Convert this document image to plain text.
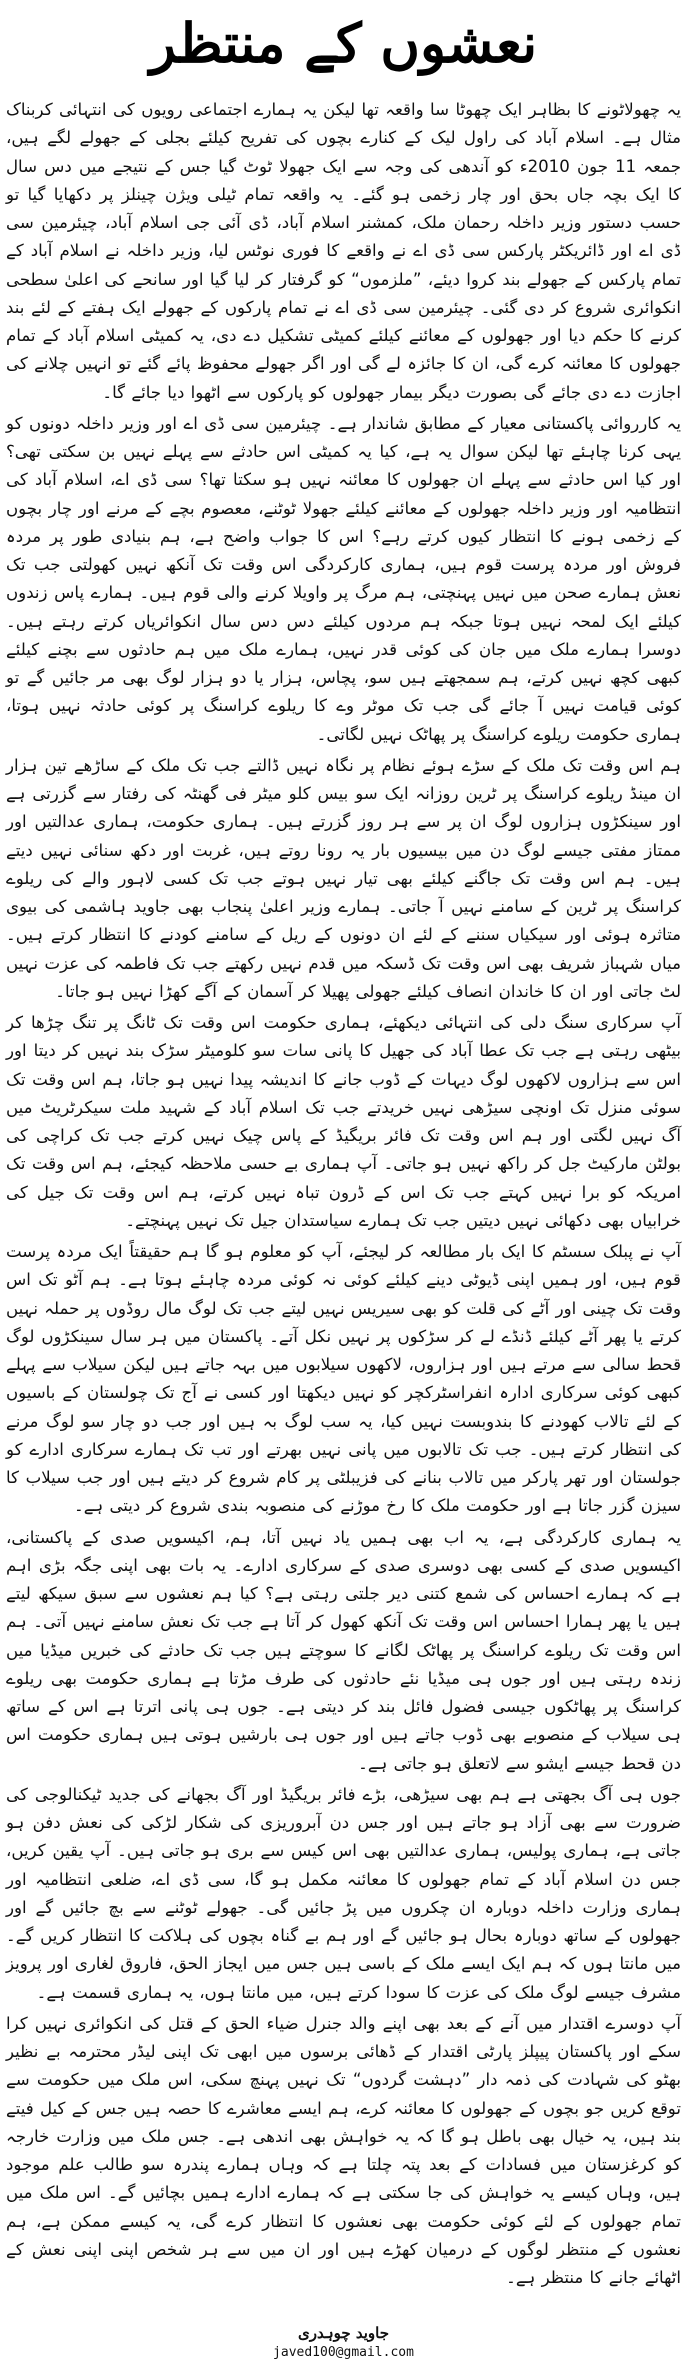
نعشوں کے منتظر

یہ چھولاٹونے کا بظاہر ایک چھوٹا سا واقعہ تھا لیکن یہ ہمارے اجتماعی رویوں کی انتہائی کربناک مثال ہے۔ اسلام آباد کی راول لیک کے کنارے بچوں کی تفریح کیلئے بجلی کے جھولے لگے ہیں، جمعہ 11 جون 2010ء کو آندھی کی وجہ سے ایک جھولا ٹوٹ گیا جس کے نتیجے میں دس سال کا ایک بچہ جاں بحق اور چار زخمی ہو گئے۔ یہ واقعہ تمام ٹیلی ویژن چینلز پر دکھایا گیا تو حسب دستور وزیر داخلہ رحمان ملک، کمشنر اسلام آباد، ڈی آئی جی اسلام آباد، چیئرمین سی ڈی اے اور ڈائریکٹر پارکس سی ڈی اے نے واقعے کا فوری نوٹس لیا، وزیر داخلہ نے اسلام آباد کے تمام پارکس کے جھولے بند کروا دیئے، ”ملزموں“ کو گرفتار کر لیا گیا اور سانحے کی اعلیٰ سطحی انکوائری شروع کر دی گئی۔ چیئرمین سی ڈی اے نے تمام پارکوں کے جھولے ایک ہفتے کے لئے بند کرنے کا حکم دیا اور جھولوں کے معائنے کیلئے کمیٹی تشکیل دے دی، یہ کمیٹی اسلام آباد کے تمام جھولوں کا معائنہ کرے گی، ان کا جائزہ لے گی اور اگر جھولے محفوظ پائے گئے تو انہیں چلانے کی اجازت دے دی جائے گی بصورت دیگر بیمار جھولوں کو پارکوں سے اٹھوا دیا جائے گا۔

یہ کارروائی پاکستانی معیار کے مطابق شاندار ہے۔ چیئرمین سی ڈی اے اور وزیر داخلہ دونوں کو یہی کرنا چاہئے تھا لیکن سوال یہ ہے، کیا یہ کمیٹی اس حادثے سے پہلے نہیں بن سکتی تھی؟ اور کیا اس حادثے سے پہلے ان جھولوں کا معائنہ نہیں ہو سکتا تھا؟ سی ڈی اے، اسلام آباد کی انتظامیہ اور وزیر داخلہ جھولوں کے معائنے کیلئے جھولا ٹوٹنے، معصوم بچے کے مرنے اور چار بچوں کے زخمی ہونے کا انتظار کیوں کرتے رہے؟ اس کا جواب واضح ہے، ہم بنیادی طور پر مردہ فروش اور مردہ پرست قوم ہیں، ہماری کارکردگی اس وقت تک آنکھ نہیں کھولتی جب تک نعش ہمارے صحن میں نہیں پہنچتی، ہم مرگ پر واویلا کرنے والی قوم ہیں۔ ہمارے پاس زندوں کیلئے ایک لمحہ نہیں ہوتا جبکہ ہم مردوں کیلئے دس دس سال انکوائریاں کرتے رہتے ہیں۔ دوسرا ہمارے ملک میں جان کی کوئی قدر نہیں، ہمارے ملک میں ہم حادثوں سے بچنے کیلئے کبھی کچھ نہیں کرتے، ہم سمجھتے ہیں سو، پچاس، ہزار یا دو ہزار لوگ بھی مر جائیں گے تو کوئی قیامت نہیں آ جائے گی جب تک موٹر وے کا ریلوے کراسنگ پر کوئی حادثہ نہیں ہوتا، ہماری حکومت ریلوے کراسنگ پر پھاٹک نہیں لگاتی۔

ہم اس وقت تک ملک کے سڑے ہوئے نظام پر نگاہ نہیں ڈالتے جب تک ملک کے ساڑھے تین ہزار ان مینڈ ریلوے کراسنگ پر ٹرین روزانہ ایک سو بیس کلو میٹر فی گھنٹہ کی رفتار سے گزرتی ہے اور سینکڑوں ہزاروں لوگ ان پر سے ہر روز گزرتے ہیں۔ ہماری حکومت، ہماری عدالتیں اور ممتاز مفتی جیسے لوگ دن میں بیسیوں بار یہ رونا روتے ہیں، غربت اور دکھ سنائی نہیں دیتے ہیں۔ ہم اس وقت تک جاگنے کیلئے بھی تیار نہیں ہوتے جب تک کسی لاہور والے کی ریلوے کراسنگ پر ٹرین کے سامنے نہیں آ جاتی۔ ہمارے وزیر اعلیٰ پنجاب بھی جاوید ہاشمی کی بیوی متاثرہ ہوئی اور سیکیاں سننے کے لئے ان دونوں کے ریل کے سامنے کودنے کا انتظار کرتے ہیں۔ میاں شہباز شریف بھی اس وقت تک ڈسکہ میں قدم نہیں رکھتے جب تک فاطمہ کی عزت نہیں لٹ جاتی اور ان کا خاندان انصاف کیلئے جھولی پھیلا کر آسمان کے آگے کھڑا نہیں ہو جاتا۔

آپ سرکاری سنگ دلی کی انتہائی دیکھئے، ہماری حکومت اس وقت تک ٹانگ پر تنگ چڑھا کر بیٹھی رہتی ہے جب تک عطا آباد کی جھیل کا پانی سات سو کلومیٹر سڑک بند نہیں کر دیتا اور اس سے ہزاروں لاکھوں لوگ دیہات کے ڈوب جانے کا اندیشہ پیدا نہیں ہو جاتا، ہم اس وقت تک سوئی منزل تک اونچی سیڑھی نہیں خریدتے جب تک اسلام آباد کے شہید ملت سیکرٹریٹ میں آگ نہیں لگتی اور ہم اس وقت تک فائر بریگیڈ کے پاس چیک نہیں کرتے جب تک کراچی کی بولٹن مارکیٹ جل کر راکھ نہیں ہو جاتی۔ آپ ہماری بے حسی ملاحظہ کیجئے، ہم اس وقت تک امریکہ کو برا نہیں کہتے جب تک اس کے ڈرون تباہ نہیں کرتے، ہم اس وقت تک جیل کی خرابیاں بھی دکھائی نہیں دیتیں جب تک ہمارے سیاستدان جیل تک نہیں پہنچتے۔

آپ نے پبلک سسٹم کا ایک بار مطالعہ کر لیجئے، آپ کو معلوم ہو گا ہم حقیقتاً ایک مردہ پرست قوم ہیں، اور ہمیں اپنی ڈیوٹی دینے کیلئے کوئی نہ کوئی مردہ چاہئے ہوتا ہے۔ ہم آٹو تک اس وقت تک چینی اور آٹے کی قلت کو بھی سیریس نہیں لیتے جب تک لوگ مال روڈوں پر حملہ نہیں کرتے یا پھر آٹے کیلئے ڈنڈے لے کر سڑکوں پر نہیں نکل آتے۔ پاکستان میں ہر سال سینکڑوں لوگ قحط سالی سے مرتے ہیں اور ہزاروں، لاکھوں سیلابوں میں بہہ جاتے ہیں لیکن سیلاب سے پہلے کبھی کوئی سرکاری ادارہ انفراسٹرکچر کو نہیں دیکھتا اور کسی نے آج تک چولستان کے باسیوں کے لئے تالاب کھودنے کا بندوبست نہیں کیا، یہ سب لوگ بہ ہیں اور جب دو چار سو لوگ مرنے کی انتظار کرتے ہیں۔ جب تک تالابوں میں پانی نہیں بھرتے اور تب تک ہمارے سرکاری ادارے کو جولستان اور تھر پارکر میں تالاب بنانے کی فزیبلٹی پر کام شروع کر دیتے ہیں اور جب سیلاب کا سیزن گزر جاتا ہے اور حکومت ملک کا رخ موڑنے کی منصوبہ بندی شروع کر دیتی ہے۔

یہ ہماری کارکردگی ہے، یہ اب بھی ہمیں یاد نہیں آتا، ہم، اکیسویں صدی کے پاکستانی، اکیسویں صدی کے کسی بھی دوسری صدی کے سرکاری ادارے۔ یہ بات بھی اپنی جگہ بڑی اہم ہے کہ ہمارے احساس کی شمع کتنی دیر جلتی رہتی ہے؟ کیا ہم نعشوں سے سبق سیکھ لیتے ہیں یا پھر ہمارا احساس اس وقت تک آنکھ کھول کر آتا ہے جب تک نعش سامنے نہیں آتی۔ ہم اس وقت تک ریلوے کراسنگ پر پھاٹک لگانے کا سوچتے ہیں جب تک حادثے کی خبریں میڈیا میں زندہ رہتی ہیں اور جوں ہی میڈیا نئے حادثوں کی طرف مڑتا ہے ہماری حکومت بھی ریلوے کراسنگ پر پھاٹکوں جیسی فضول فائل بند کر دیتی ہے۔ جوں ہی پانی اترتا ہے اس کے ساتھ ہی سیلاب کے منصوبے بھی ڈوب جاتے ہیں اور جوں ہی بارشیں ہوتی ہیں ہماری حکومت اس دن قحط جیسے ایشو سے لاتعلق ہو جاتی ہے۔

جوں ہی آگ بجھتی ہے ہم بھی سیڑھی، بڑے فائر بریگیڈ اور آگ بجھانے کی جدید ٹیکنالوجی کی ضرورت سے بھی آزاد ہو جاتے ہیں اور جس دن آبروریزی کی شکار لڑکی کی نعش دفن ہو جاتی ہے، ہماری پولیس، ہماری عدالتیں بھی اس کیس سے بری ہو جاتی ہیں۔ آپ یقین کریں، جس دن اسلام آباد کے تمام جھولوں کا معائنہ مکمل ہو گا، سی ڈی اے، ضلعی انتظامیہ اور ہماری وزارت داخلہ دوبارہ ان چکروں میں پڑ جائیں گی۔ جھولے ٹوٹنے سے بچ جائیں گے اور جھولوں کے ساتھ دوبارہ بحال ہو جائیں گے اور ہم بے گناہ بچوں کی ہلاکت کا انتظار کریں گے۔ میں مانتا ہوں کہ ہم ایک ایسے ملک کے باسی ہیں جس میں ایجاز الحق، فاروق لغاری اور پرویز مشرف جیسے لوگ ملک کی عزت کا سودا کرتے ہیں، میں مانتا ہوں، یہ ہماری قسمت ہے۔

آپ دوسرے اقتدار میں آنے کے بعد بھی اپنے والد جنرل ضیاء الحق کے قتل کی انکوائری نہیں کرا سکے اور پاکستان پیپلز پارٹی اقتدار کے ڈھائی برسوں میں ابھی تک اپنی لیڈر محترمہ بے نظیر بھٹو کی شہادت کی ذمہ دار ”دہشت گردوں“ تک نہیں پہنچ سکی، اس ملک میں حکومت سے توقع کریں جو بچوں کے جھولوں کا معائنہ کرے، ہم ایسے معاشرے کا حصہ ہیں جس کے کیل فیتے بند ہیں، یہ خیال بھی باطل ہو گا کہ یہ خواہش بھی اندھی ہے۔ جس ملک میں وزارت خارجہ کو کرغزستان میں فسادات کے بعد پتہ چلتا ہے کہ وہاں ہمارے پندرہ سو طالب علم موجود ہیں، وہاں کیسے یہ خواہش کی جا سکتی ہے کہ ہمارے ادارے ہمیں بچائیں گے۔ اس ملک میں تمام جھولوں کے لئے کوئی حکومت بھی نعشوں کا انتظار کرے گی، یہ کیسے ممکن ہے، ہم نعشوں کے منتظر لوگوں کے درمیان کھڑے ہیں اور ان میں سے ہر شخص اپنی اپنی نعش کے اٹھائے جانے کا منتظر ہے۔

جاوید چوہدری
javed100@gmail.com
